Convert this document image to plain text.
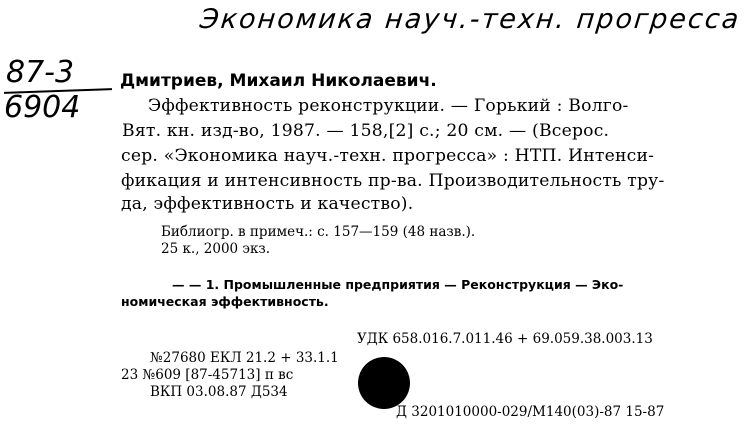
Экономика науч.-техн. прогресса
87-3
6904
Дмитриев, Михаил Николаевич.
Эффективность реконструкции. — Горький : Волго-
Вят. кн. изд-во, 1987. — 158,[2] с.; 20 см. — (Всерос.
сер. «Экономика науч.-техн. прогресса» : НТП. Интенси-
фикация и интенсивность пр-ва. Производительность тру-
да, эффективность и качество).
Библиогр. в примеч.: с. 157—159 (48 назв.).
25 к., 2000 экз.
— — 1. Промышленные предприятия — Реконструкция — Эко-
номическая эффективность.
УДК 658.016.7.011.46 + 69.059.38.003.13
№27680 ЕКЛ 21.2 + 33.1.1
23 №609 [87-45713] п вс
ВКП 03.08.87 Д534
Д 3201010000-029/М140(03)-87 15-87
